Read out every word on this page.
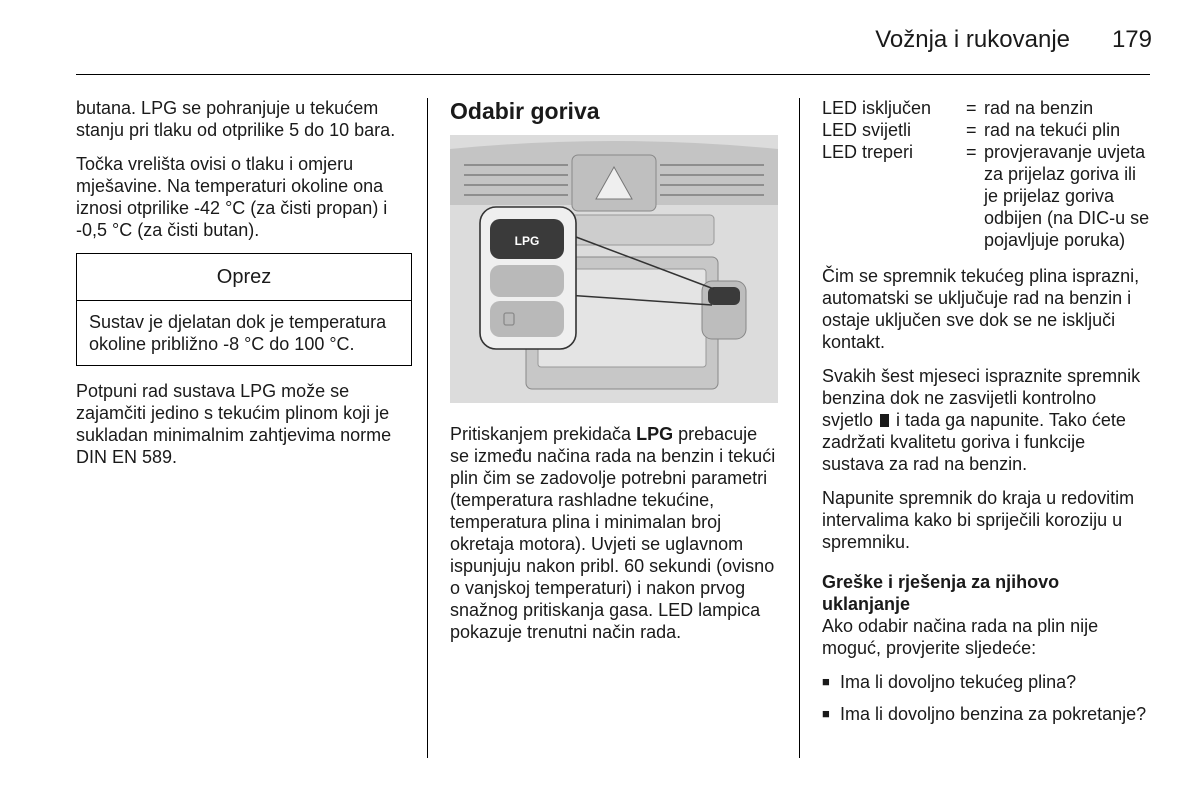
Vožnja i rukovanje	179

butana. LPG se pohranjuje u tekućem stanju pri tlaku od otprilike 5 do 10 bara.

Točka vrelišta ovisi o tlaku i omjeru mješavine. Na temperaturi okoline ona iznosi otprilike -42 °C (za čisti propan) i -0,5 °C (za čisti butan).

Oprez
Sustav je djelatan dok je temperatura okoline približno -8 °C do 100 °C.

Potpuni rad sustava LPG može se zajamčiti jedino s tekućim plinom koji je sukladan minimalnim zahtjevima norme DIN EN 589.

Odabir goriva
LPG

Pritiskanjem prekidača LPG prebacuje se između načina rada na benzin i tekući plin čim se zadovolje potrebni parametri (temperatura rashladne tekućine, temperatura plina i minimalan broj okretaja motora). Uvjeti se uglavnom ispunjuju nakon pribl. 60 sekundi (ovisno o vanjskoj temperaturi) i nakon prvog snažnog pritiskanja gasa. LED lampica pokazuje trenutni način rada.

LED isključen	= rad na benzin
LED svijetli	= rad na tekući plin
LED treperi	= provjeravanje uvjeta za prijelaz goriva ili je prijelaz goriva odbijen (na DIC-u se pojavljuje poruka)

Čim se spremnik tekućeg plina isprazni, automatski se uključuje rad na benzin i ostaje uključen sve dok se ne isključi kontakt.

Svakih šest mjeseci ispraznite spremnik benzina dok ne zasvijetli kontrolno svjetlo  i tada ga napunite. Tako ćete zadržati kvalitetu goriva i funkcije sustava za rad na benzin.

Napunite spremnik do kraja u redovitim intervalima kako bi spriječili koroziju u spremniku.

Greške i rješenja za njihovo uklanjanje

Ako odabir načina rada na plin nije moguć, provjerite sljedeće:

■ Ima li dovoljno tekućeg plina?
■ Ima li dovoljno benzina za pokretanje?
